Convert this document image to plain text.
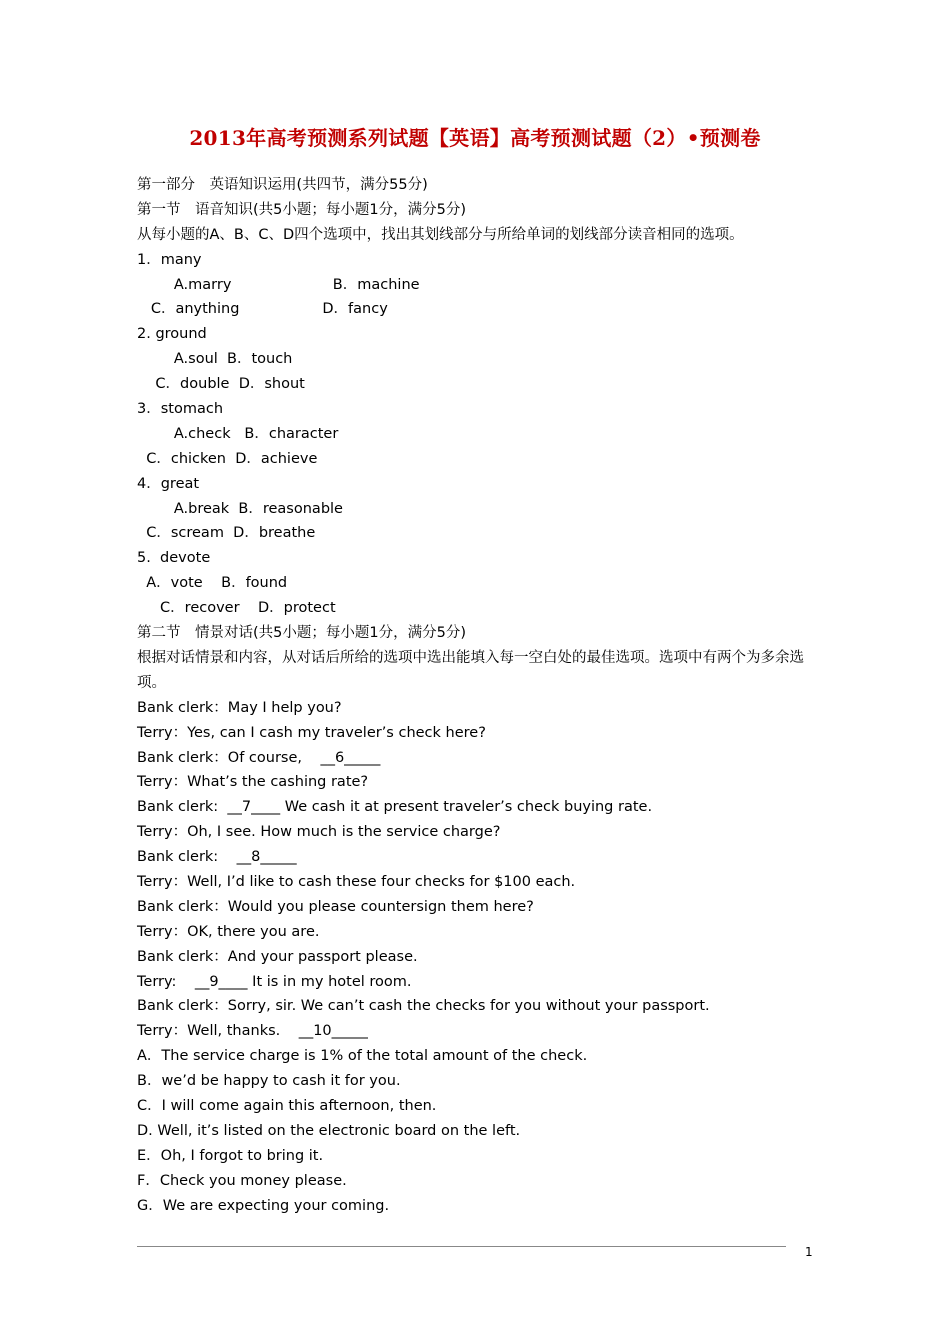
2013年高考预测系列试题【英语】高考预测试题（2）•预测卷
第一部分　英语知识运用(共四节，满分55分)
第一节　语音知识(共5小题；每小题1分，满分5分)
从每小题的A、B、C、D四个选项中，找出其划线部分与所给单词的划线部分读音相同的选项。
1．many
A.marry                      B．machine
C．anything                  D．fancy
2. ground
A.soul  B．touch
C．double  D．shout
3．stomach
A.check   B．character
C．chicken  D．achieve
4．great
A.break  B．reasonable
C．scream  D．breathe
5.  devote
A．vote    B．found
C．recover    D．protect
第二节　情景对话(共5小题；每小题1分，满分5分)
根据对话情景和内容，从对话后所给的选项中选出能填入每一空白处的最佳选项。选项中有两个为多余选项。
Bank clerk：May I help you?
Terry：Yes, can I cash my traveler’s check here?
Bank clerk：Of course,    __6_____
Terry：What’s the cashing rate?
Bank clerk:  __7____ We cash it at present traveler’s check buying rate.
Terry：Oh, I see. How much is the service charge?
Bank clerk:    __8_____
Terry：Well, I’d like to cash these four checks for $100 each.
Bank clerk：Would you please countersign them here?
Terry：OK, there you are.
Bank clerk：And your passport please.
Terry:    __9____ It is in my hotel room.
Bank clerk：Sorry, sir. We can’t cash the checks for you without your passport.
Terry：Well, thanks.    __10_____
A．The service charge is 1% of the total amount of the check.
B．we’d be happy to cash it for you.
C．I will come again this afternoon, then.
D. Well, it’s listed on the electronic board on the left.
E．Oh, I forgot to bring it.
F．Check you money please.
G．We are expecting your coming.
1
